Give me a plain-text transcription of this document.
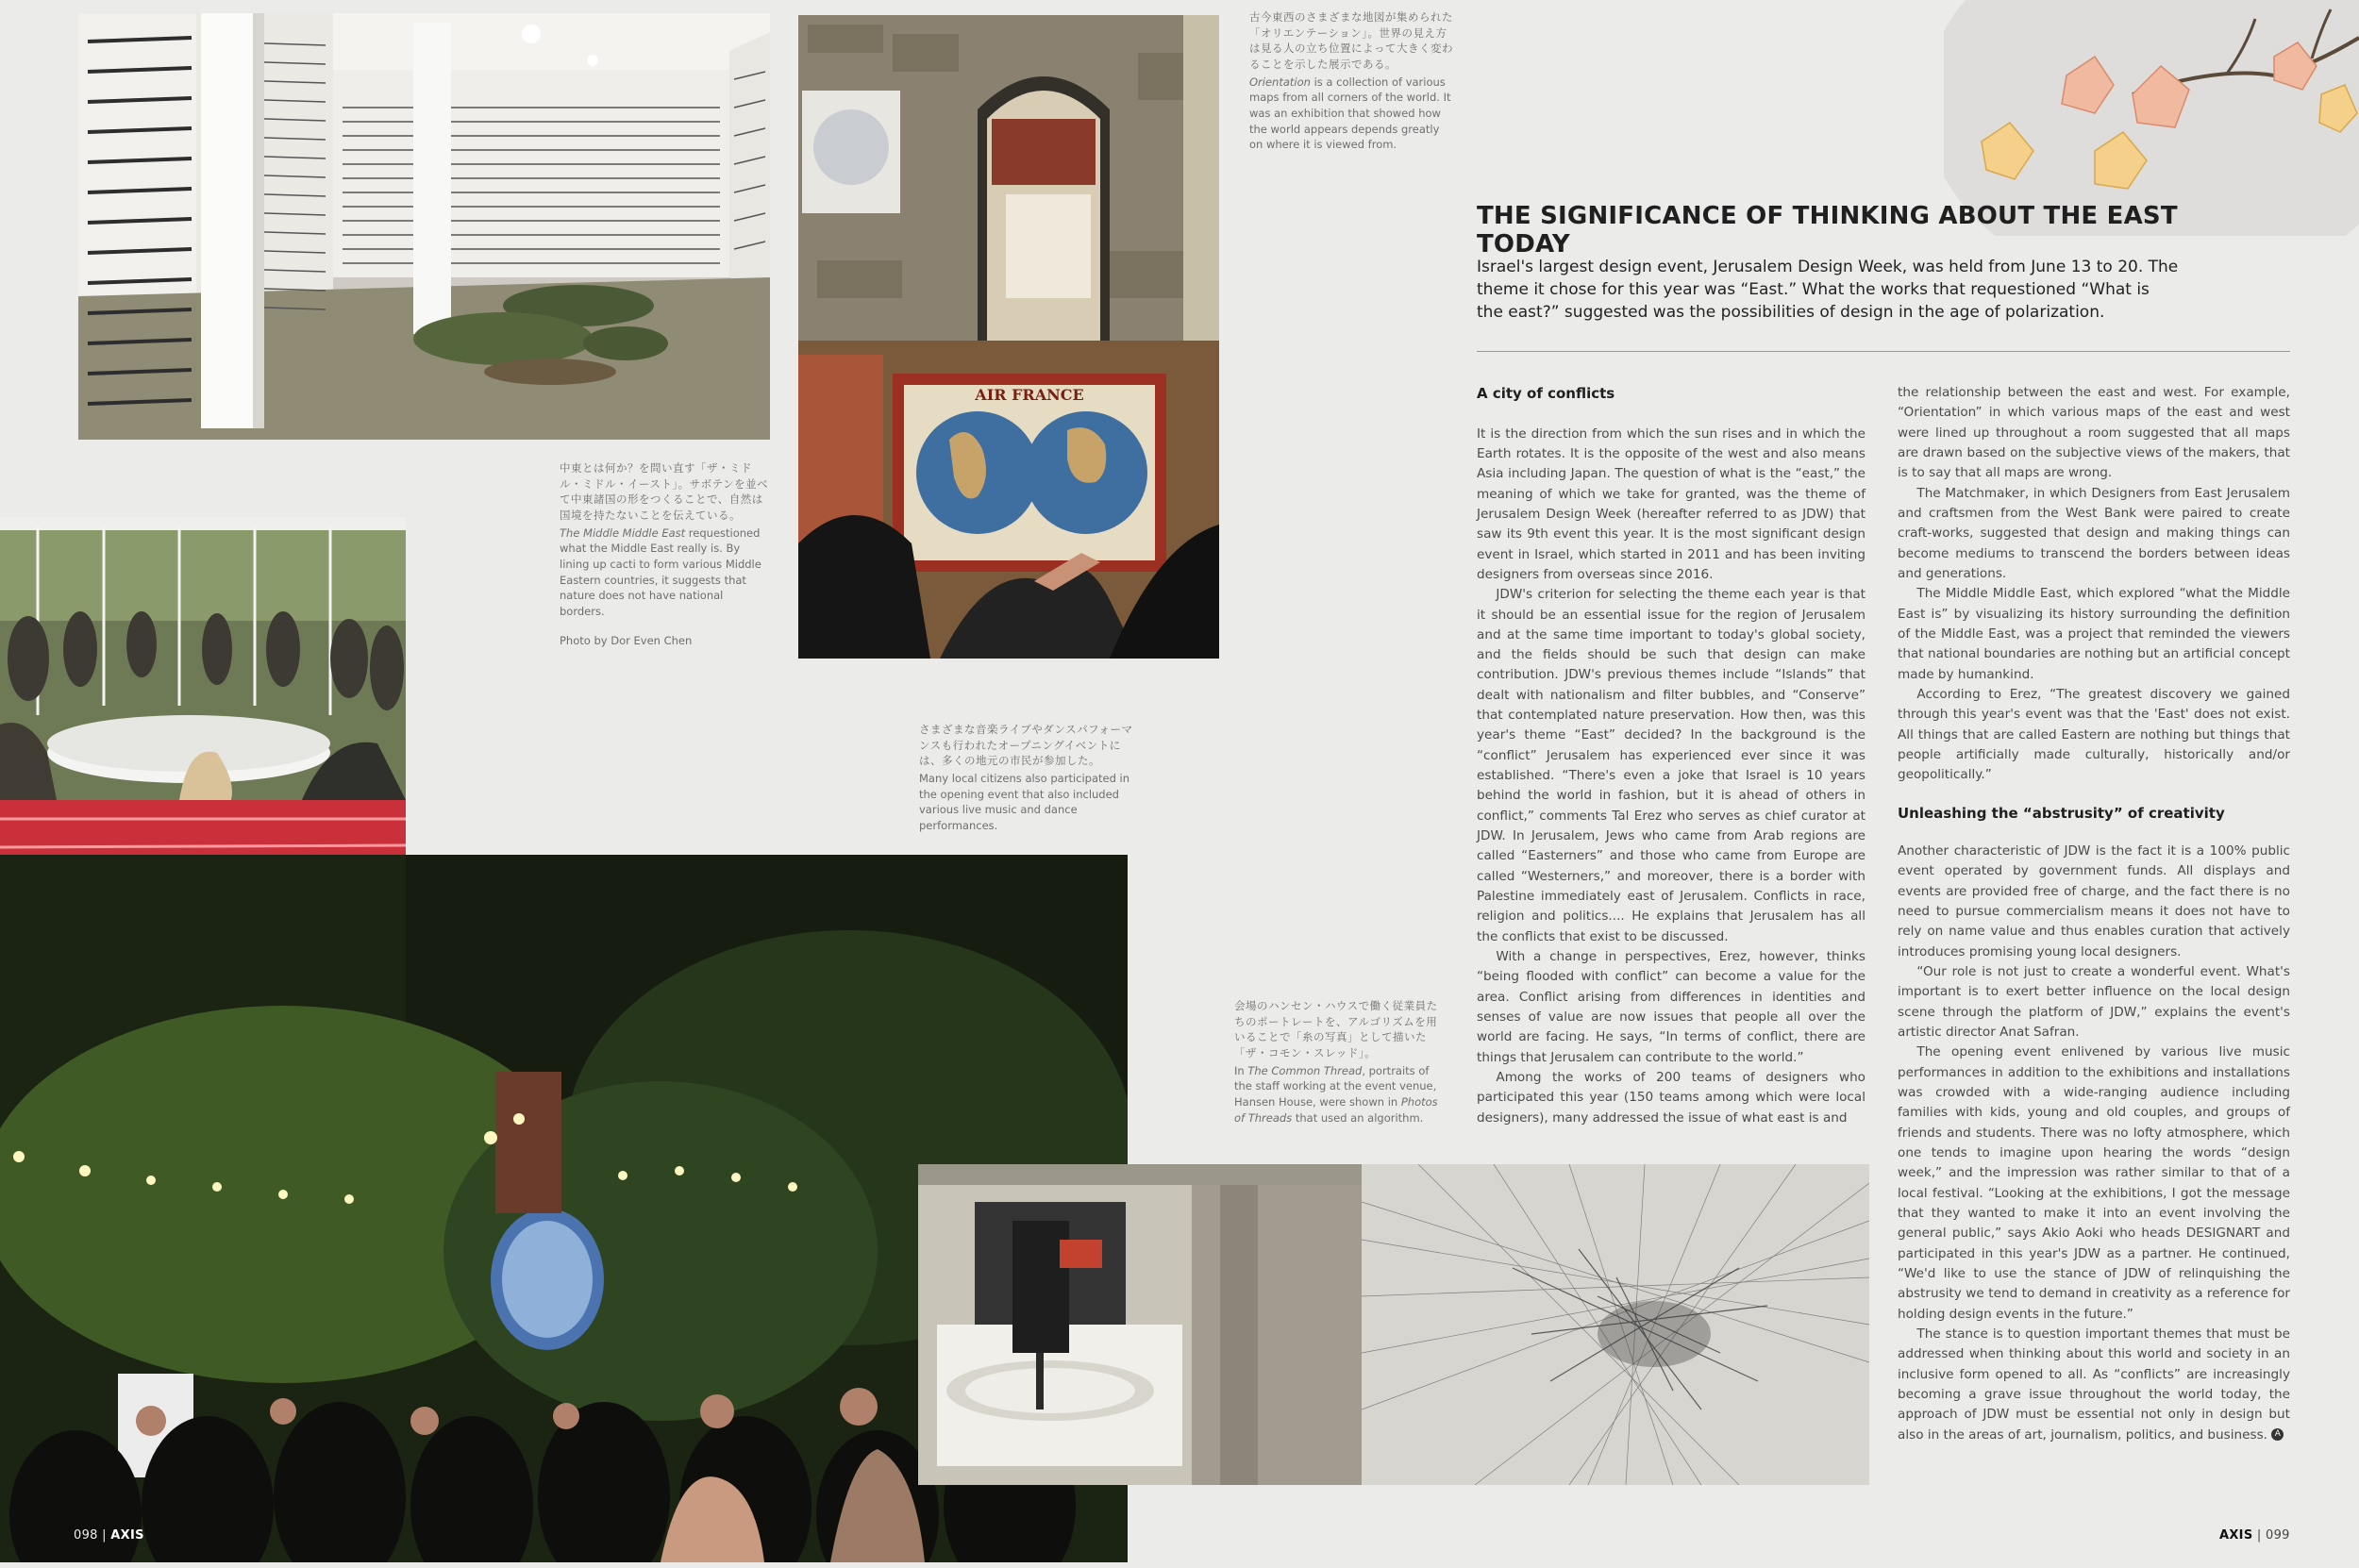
AIR FRANCE

古今東西のさまざまな地図が集められた「オリエンテーション」。世界の見え方は見る人の立ち位置によって大きく変わることを示した展示である。

Orientation is a collection of various maps from all corners of the world. It was an exhibition that showed how the world appears depends greatly on where it is viewed from.

中東とは何か？を問い直す「ザ・ミドル・ミドル・イースト」。サボテンを並べて中東諸国の形をつくることで、自然は国境を持たないことを伝えている。

The Middle Middle East requestioned what the Middle East really is. By lining up cacti to form various Middle Eastern countries, it suggests that nature does not have national borders.

Photo by Dor Even Chen

さまざまな音楽ライブやダンスパフォーマンスも行われたオープニングイベントには、多くの地元の市民が参加した。

Many local citizens also participated in the opening event that also included various live music and dance performances.

会場のハンセン・ハウスで働く従業員たちのポートレートを、アルゴリズムを用いることで「糸の写真」として描いた「ザ・コモン・スレッド」。

In The Common Thread, portraits of the staff working at the event venue, Hansen House, were shown in Photos of Threads that used an algorithm.

THE SIGNIFICANCE OF THINKING ABOUT THE EAST TODAY

Israel's largest design event, Jerusalem Design Week, was held from June 13 to 20. The theme it chose for this year was “East.” What the works that requestioned “What is the east?” suggested was the possibilities of design in the age of polarization.

A city of conflicts

It is the direction from which the sun rises and in which the Earth rotates. It is the opposite of the west and also means Asia including Japan. The question of what is the “east,” the meaning of which we take for granted, was the theme of Jerusalem Design Week (hereafter referred to as JDW) that saw its 9th event this year. It is the most significant design event in Israel, which started in 2011 and has been inviting designers from overseas since 2016.

JDW's criterion for selecting the theme each year is that it should be an essential issue for the region of Jerusalem and at the same time important to today's global society, and the fields should be such that design can make contribution. JDW's previous themes include “Islands” that dealt with nationalism and filter bubbles, and “Conserve” that contemplated nature preservation. How then, was this year's theme “East” decided? In the background is the “conflict” Jerusalem has experienced ever since it was established. “There's even a joke that Israel is 10 years behind the world in fashion, but it is ahead of others in conflict,” comments Tal Erez who serves as chief curator at JDW. In Jerusalem, Jews who came from Arab regions are called “Easterners” and those who came from Europe are called “Westerners,” and moreover, there is a border with Palestine immediately east of Jerusalem. Conflicts in race, religion and politics.... He explains that Jerusalem has all the conflicts that exist to be discussed.

With a change in perspectives, Erez, however, thinks “being flooded with conflict” can become a value for the area. Conflict arising from differences in identities and senses of value are now issues that people all over the world are facing. He says, “In terms of conflict, there are things that Jerusalem can contribute to the world.”

Among the works of 200 teams of designers who participated this year (150 teams among which were local designers), many addressed the issue of what east is and

the relationship between the east and west. For example, “Orientation” in which various maps of the east and west were lined up throughout a room suggested that all maps are drawn based on the subjective views of the makers, that is to say that all maps are wrong.

The Matchmaker, in which Designers from East Jerusalem and craftsmen from the West Bank were paired to create craft-works, suggested that design and making things can become mediums to transcend the borders between ideas and generations.

The Middle Middle East, which explored “what the Middle East is” by visualizing its history surrounding the definition of the Middle East, was a project that reminded the viewers that national boundaries are nothing but an artificial concept made by humankind.

According to Erez, “The greatest discovery we gained through this year's event was that the 'East' does not exist. All things that are called Eastern are nothing but things that people artificially made culturally, historically and/or geopolitically.”

Unleashing the “abstrusity” of creativity

Another characteristic of JDW is the fact it is a 100% public event operated by government funds. All displays and events are provided free of charge, and the fact there is no need to pursue commercialism means it does not have to rely on name value and thus enables curation that actively introduces promising young local designers.

“Our role is not just to create a wonderful event. What's important is to exert better influence on the local design scene through the platform of JDW,” explains the event's artistic director Anat Safran.

The opening event enlivened by various live music performances in addition to the exhibitions and installations was crowded with a wide-ranging audience including families with kids, young and old couples, and groups of friends and students. There was no lofty atmosphere, which one tends to imagine upon hearing the words “design week,” and the impression was rather similar to that of a local festival. “Looking at the exhibitions, I got the message that they wanted to make it into an event involving the general public,” says Akio Aoki who heads DESIGNART and participated in this year's JDW as a partner. He continued, “We'd like to use the stance of JDW of relinquishing the abstrusity we tend to demand in creativity as a reference for holding design events in the future.”

The stance is to question important themes that must be addressed when thinking about this world and society in an inclusive form opened to all. As “conflicts” are increasingly becoming a grave issue throughout the world today, the approach of JDW must be essential not only in design but also in the areas of art, journalism, politics, and business. A

098 | AXIS	AXIS | 099
